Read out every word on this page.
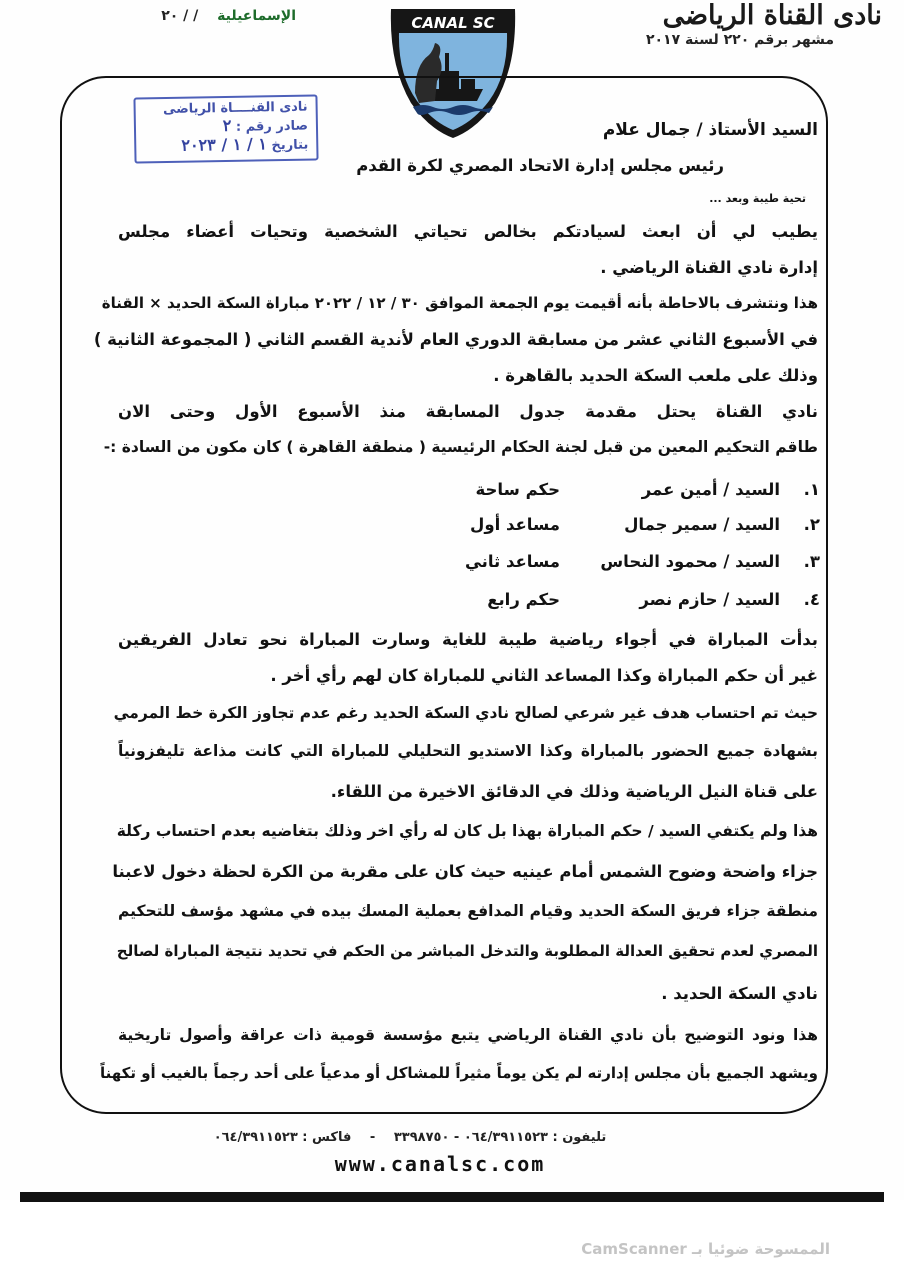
نادى القناة الرياضى
مشهر برقم ٢٢٠ لسنة ٢٠١٧
الإسماعيلية / / ٢٠	CANAL SC
نادى القنــــاة الرياضى
صادر رقم : ٢
بتاريخ ١ / ١ / ٢٠٢٣
السيد الأستاذ / جمال علام
رئيس مجلس إدارة الاتحاد المصري لكرة القدم
تحية طيبة وبعد ...
يطيب لي أن ابعث لسيادتكم بخالص تحياتي الشخصية وتحيات أعضاء مجلس
إدارة نادي القناة الرياضي .
هذا ونتشرف بالاحاطة بأنه أقيمت يوم الجمعة الموافق ٣٠ / ١٢ / ٢٠٢٢ مباراة السكة الحديد × القناة
في الأسبوع الثاني عشر من مسابقة الدوري العام لأندية القسم الثاني ( المجموعة الثانية )
وذلك على ملعب السكة الحديد بالقاهرة .
نادي القناة يحتل مقدمة جدول المسابقة منذ الأسبوع الأول وحتى الان
طاقم التحكيم المعين من قبل لجنة الحكام الرئيسية ( منطقة القاهرة ) كان مكون من السادة :-
١.
السيد / أمين عمر
حكم ساحة
٢.
السيد / سمير جمال
مساعد أول
٣.
السيد / محمود النحاس
مساعد ثاني
٤.
السيد / حازم نصر
حكم رابع
بدأت المباراة في أجواء رياضية طيبة للغاية وسارت المباراة نحو تعادل الفريقين
غير أن حكم المباراة وكذا المساعد الثاني للمباراة كان لهم رأي أخر .
حيث تم احتساب هدف غير شرعي لصالح نادي السكة الحديد رغم عدم تجاوز الكرة خط المرمي
بشهادة جميع الحضور بالمباراة وكذا الاستديو التحليلي للمباراة التي كانت مذاعة تليفزونياً
على قناة النيل الرياضية وذلك في الدقائق الاخيرة من اللقاء.
هذا ولم يكتفي السيد / حكم المباراة بهذا بل كان له رأي اخر وذلك بتغاضيه بعدم احتساب ركلة
جزاء واضحة وضوح الشمس أمام عينيه حيث كان على مقربة من الكرة لحظة دخول لاعبنا
منطقة جزاء فريق السكة الحديد وقيام المدافع بعملية المسك بيده في مشهد مؤسف للتحكيم
المصري لعدم تحقيق العدالة المطلوبة والتدخل المباشر من الحكم في تحديد نتيجة المباراة لصالح
نادي السكة الحديد .
هذا ونود التوضيح بأن نادي القناة الرياضي يتبع مؤسسة قومية ذات عراقة وأصول تاريخية
ويشهد الجميع بأن مجلس إدارته لم يكن يوماً مثيراً للمشاكل أو مدعياً على أحد رجماً بالغيب أو تكهناً
تليفون : ٠٦٤/٣٩١١٥٢٣ - ٣٣٩٨٧٥٠ - فاكس : ٠٦٤/٣٩١١٥٢٣
www.canalsc.com
الممسوحة ضوئيا بـ CamScanner
